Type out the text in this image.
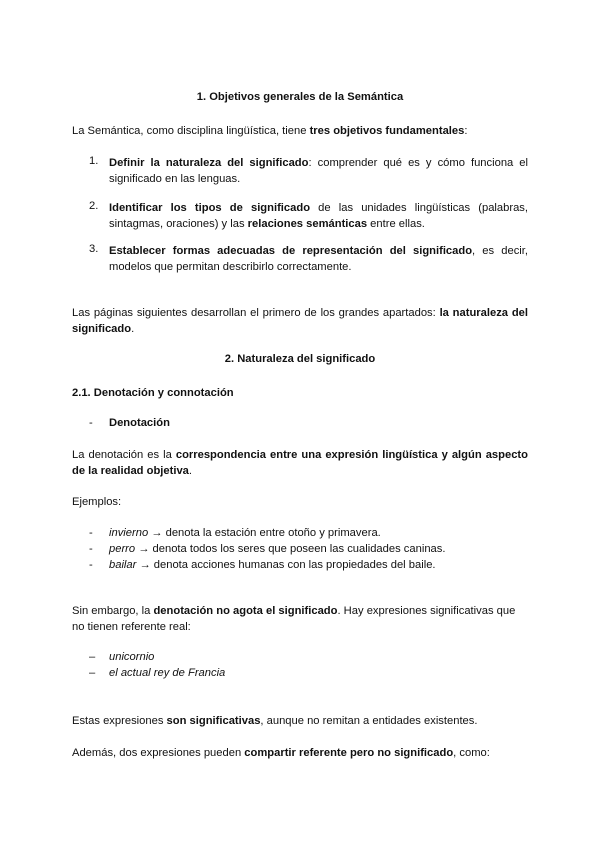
1. Objetivos generales de la Semántica

La Semántica, como disciplina lingüística, tiene tres objetivos fundamentales:

1. Definir la naturaleza del significado: comprender qué es y cómo funciona el significado en las lenguas.

2. Identificar los tipos de significado de las unidades lingüísticas (palabras, sintagmas, oraciones) y las relaciones semánticas entre ellas.

3. Establecer formas adecuadas de representación del significado, es decir, modelos que permitan describirlo correctamente.

Las páginas siguientes desarrollan el primero de los grandes apartados: la naturaleza del significado.

2. Naturaleza del significado

2.1. Denotación y connotación

- Denotación

La denotación es la correspondencia entre una expresión lingüística y algún aspecto de la realidad objetiva.

Ejemplos:

- invierno → denota la estación entre otoño y primavera.
- perro → denota todos los seres que poseen las cualidades caninas.
- bailar → denota acciones humanas con las propiedades del baile.

Sin embargo, la denotación no agota el significado. Hay expresiones significativas que no tienen referente real:

– unicornio
– el actual rey de Francia

Estas expresiones son significativas, aunque no remitan a entidades existentes.

Además, dos expresiones pueden compartir referente pero no significado, como:
